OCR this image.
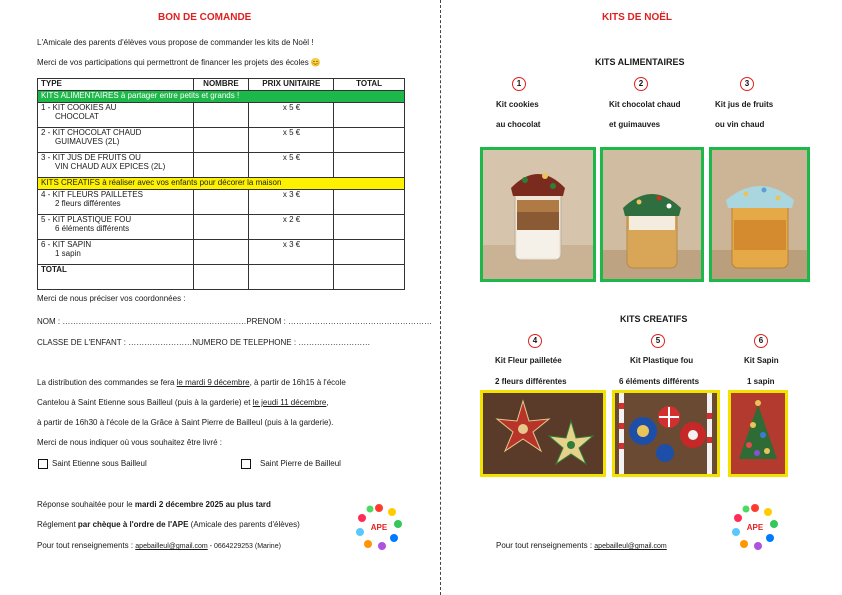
BON DE COMANDE
L'Amicale des parents d'élèves vous propose de commander les kits de Noël !
Merci de vos participations qui permettront de financer les projets des écoles 😊
TYPE	NOMBRE	PRIX UNITAIRE	TOTAL
KITS ALIMENTAIRES à partager entre petits et grands !			
1 - KIT COOKIES AU
CHOCOLAT		x 5 €	

2 - KIT CHOCOLAT CHAUD
GUIMAUVES (2L)		x 5 €	

3 - KIT JUS DE FRUITS OU
VIN CHAUD AUX EPICES (2L)		x 5 €	

KITS CREATIFS à réaliser avec vos enfants pour décorer la maison			
4 - KIT FLEURS PAILLETES
2 fleurs différentes		x 3 €	

5 - KIT PLASTIQUE FOU
6 éléments différents		x 2 €	

6 - KIT SAPIN
1 sapin		x 3 €	

TOTAL			
Merci de nous préciser vos coordonnées :
NOM : ……………………………………………………………PRENOM : ………………………………………………
CLASSE DE L'ENFANT : ……………………NUMERO DE TELEPHONE : ………………………
La distribution des commandes se fera le mardi 9 décembre, à partir de 16h15 à l'école
Cantelou à Saint Etienne sous Bailleul (puis à la garderie) et le jeudi 11 décembre,
à partir de 16h30 à l'école de la Grâce à Saint Pierre de Bailleul (puis à la garderie).
Merci de nous indiquer où vous souhaitez être livré :
Saint Etienne sous Bailleul	Saint Pierre de Bailleul
Réponse souhaitée pour le mardi 2 décembre 2025 au plus tard
Réglement par chèque à l'ordre de l'APE (Amicale des parents d'élèves)
Pour tout renseignements : apebailleul@gmail.com - 0664229253 (Marine)
APE
KITS DE NOËL
KITS ALIMENTAIRES
1	2	3
Kit cookies
au chocolat
Kit chocolat chaud
et guimauves
Kit jus de fruits
ou vin chaud
KITS CREATIFS
4	5	6
Kit Fleur pailletée
2 fleurs différentes
Kit Plastique fou
6 éléments différents
Kit Sapin
1 sapin
Pour tout renseignements : apebailleul@gmail.com
APE
